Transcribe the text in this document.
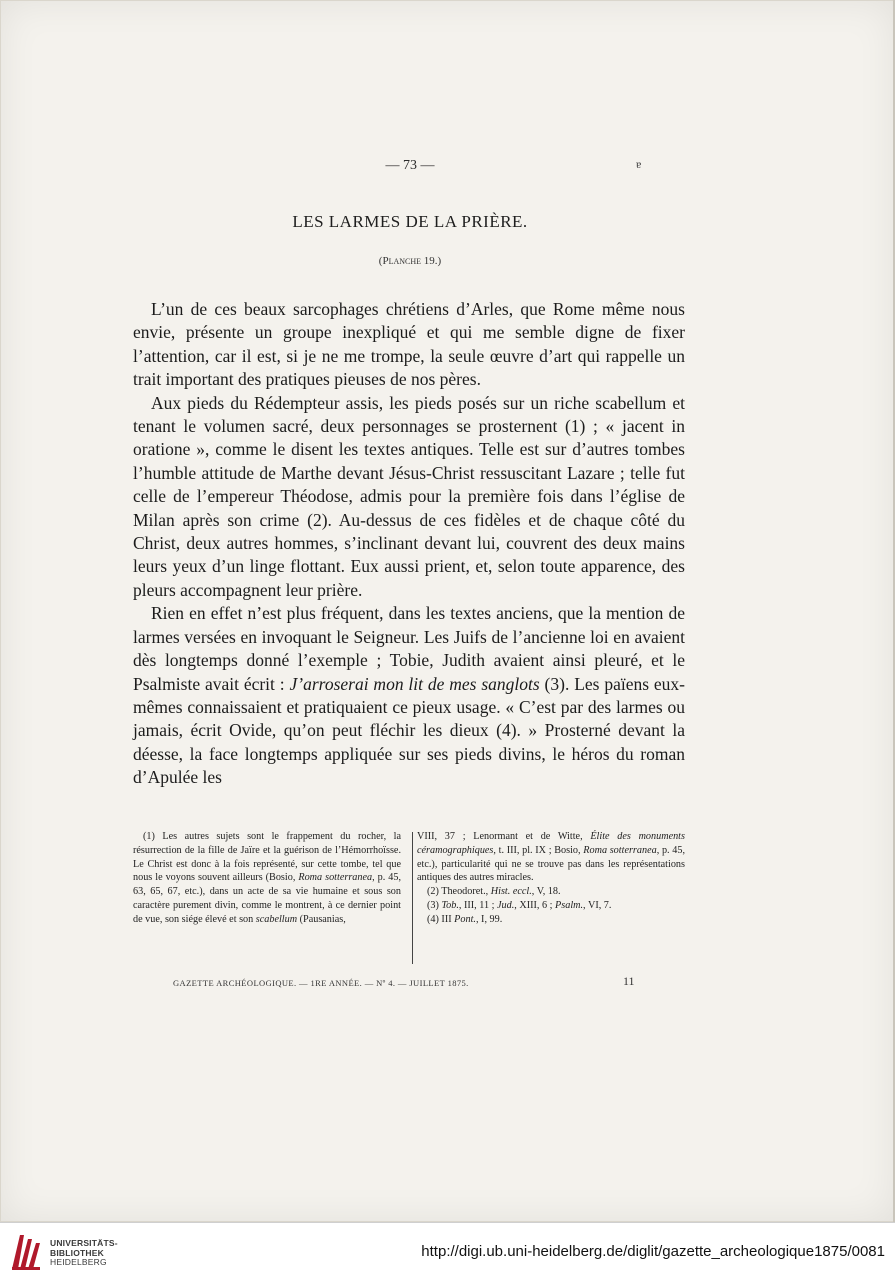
— 73 —	ɐ
LES LARMES DE LA PRIÈRE.
(Planche 19.)

L’un de ces beaux sarcophages chrétiens d’Arles, que Rome même nous envie, présente un groupe inexpliqué et qui me semble digne de fixer l’attention, car il est, si je ne me trompe, la seule œuvre d’art qui rappelle un trait important des pratiques pieuses de nos pères.

Aux pieds du Rédempteur assis, les pieds posés sur un riche scabellum et tenant le volumen sacré, deux personnages se prosternent (1) ; « jacent in oratione », comme le disent les textes antiques. Telle est sur d’autres tombes l’humble attitude de Marthe devant Jésus-Christ ressuscitant Lazare ; telle fut celle de l’empereur Théodose, admis pour la première fois dans l’église de Milan après son crime (2). Au-dessus de ces fidèles et de chaque côté du Christ, deux autres hommes, s’inclinant devant lui, couvrent des deux mains leurs yeux d’un linge flottant. Eux aussi prient, et, selon toute apparence, des pleurs accompagnent leur prière.

Rien en effet n’est plus fréquent, dans les textes anciens, que la mention de larmes versées en invoquant le Seigneur. Les Juifs de l’ancienne loi en avaient dès longtemps donné l’exemple ; Tobie, Judith avaient ainsi pleuré, et le Psalmiste avait écrit : J’arroserai mon lit de mes sanglots (3). Les païens eux-mêmes connaissaient et pratiquaient ce pieux usage. « C’est par des larmes ou jamais, écrit Ovide, qu’on peut fléchir les dieux (4). » Prosterné devant la déesse, la face longtemps appliquée sur ses pieds divins, le héros du roman d’Apulée les

(1) Les autres sujets sont le frappement du rocher, la résurrection de la fille de Jaïre et la guérison de l’Hémorrhoïsse. Le Christ est donc à la fois représenté, sur cette tombe, tel que nous le voyons souvent ailleurs (Bosio, Roma sotterranea, p. 45, 63, 65, 67, etc.), dans un acte de sa vie humaine et sous son caractère purement divin, comme le montrent, à ce dernier point de vue, son siége élevé et son scabellum (Pausanias,

VIII, 37 ; Lenormant et de Witte, Élite des monuments céramographiques, t. III, pl. IX ; Bosio, Roma sotterranea, p. 45, etc.), particularité qui ne se trouve pas dans les représentations antiques des autres miracles.

(2) Theodoret., Hist. eccl., V, 18.

(3) Tob., III, 11 ; Jud., XIII, 6 ; Psalm., VI, 7.

(4) III Pont., I, 99.

GAZETTE ARCHÉOLOGIQUE. — 1RE ANNÉE. — Nº 4. — JUILLET 1875.	11
UNIVERSITÄTS-
BIBLIOTHEK
HEIDELBERG
http://digi.ub.uni-heidelberg.de/diglit/gazette_archeologique1875/0081
